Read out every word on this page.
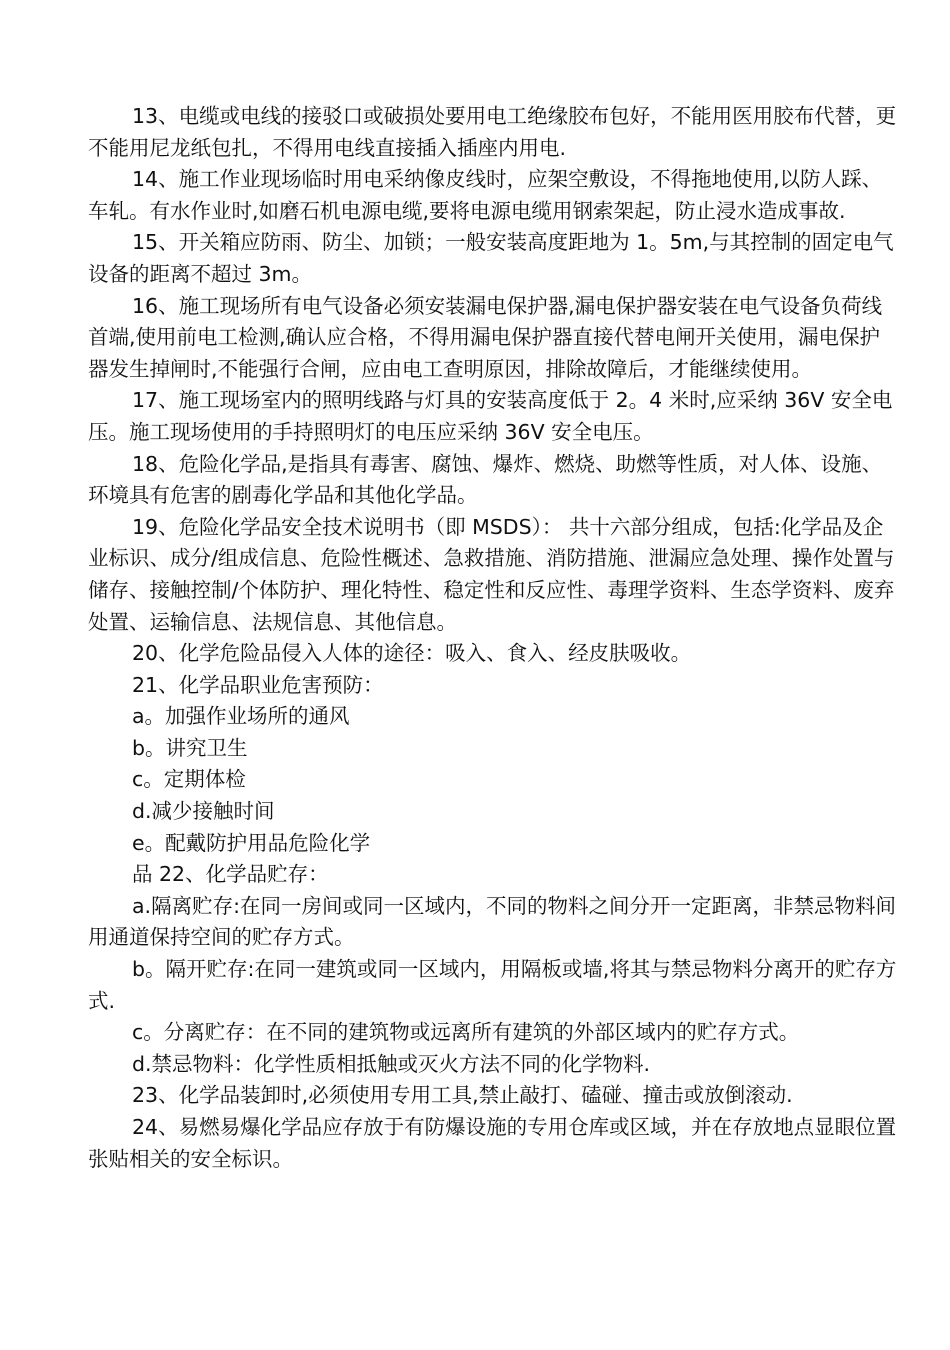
13、电缆或电线的接驳口或破损处要用电工绝缘胶布包好，不能用医用胶布代替，更不能用尼龙纸包扎，不得用电线直接插入插座内用电.

14、施工作业现场临时用电采纳像皮线时，应架空敷设，不得拖地使用,以防人踩、车轧。有水作业时,如磨石机电源电缆,要将电源电缆用钢索架起，防止浸水造成事故.

15、开关箱应防雨、防尘、加锁；一般安装高度距地为 1。5m,与其控制的固定电气设备的距离不超过 3m。

16、施工现场所有电气设备必须安装漏电保护器,漏电保护器安装在电气设备负荷线首端,使用前电工检测,确认应合格，不得用漏电保护器直接代替电闸开关使用，漏电保护器发生掉闸时,不能强行合闸，应由电工查明原因，排除故障后，才能继续使用。

17、施工现场室内的照明线路与灯具的安装高度低于 2。4 米时,应采纳 36V 安全电压。施工现场使用的手持照明灯的电压应采纳 36V 安全电压。

18、危险化学品,是指具有毒害、腐蚀、爆炸、燃烧、助燃等性质，对人体、设施、环境具有危害的剧毒化学品和其他化学品。

19、危险化学品安全技术说明书（即 MSDS）： 共十六部分组成，包括:化学品及企业标识、成分/组成信息、危险性概述、急救措施、消防措施、泄漏应急处理、操作处置与储存、接触控制/个体防护、理化特性、稳定性和反应性、毒理学资料、生态学资料、废弃处置、运输信息、法规信息、其他信息。

20、化学危险品侵入人体的途径：吸入、食入、经皮肤吸收。

21、化学品职业危害预防：

a。加强作业场所的通风

b。讲究卫生

c。定期体检

d.减少接触时间

e。配戴防护用品危险化学

品 22、化学品贮存：

a.隔离贮存:在同一房间或同一区域内，不同的物料之间分开一定距离，非禁忌物料间用通道保持空间的贮存方式。

b。隔开贮存:在同一建筑或同一区域内，用隔板或墙,将其与禁忌物料分离开的贮存方式.

c。分离贮存：在不同的建筑物或远离所有建筑的外部区域内的贮存方式。

d.禁忌物料：化学性质相抵触或灭火方法不同的化学物料.

23、化学品装卸时,必须使用专用工具,禁止敲打、磕碰、撞击或放倒滚动.

24、易燃易爆化学品应存放于有防爆设施的专用仓库或区域，并在存放地点显眼位置张贴相关的安全标识。
